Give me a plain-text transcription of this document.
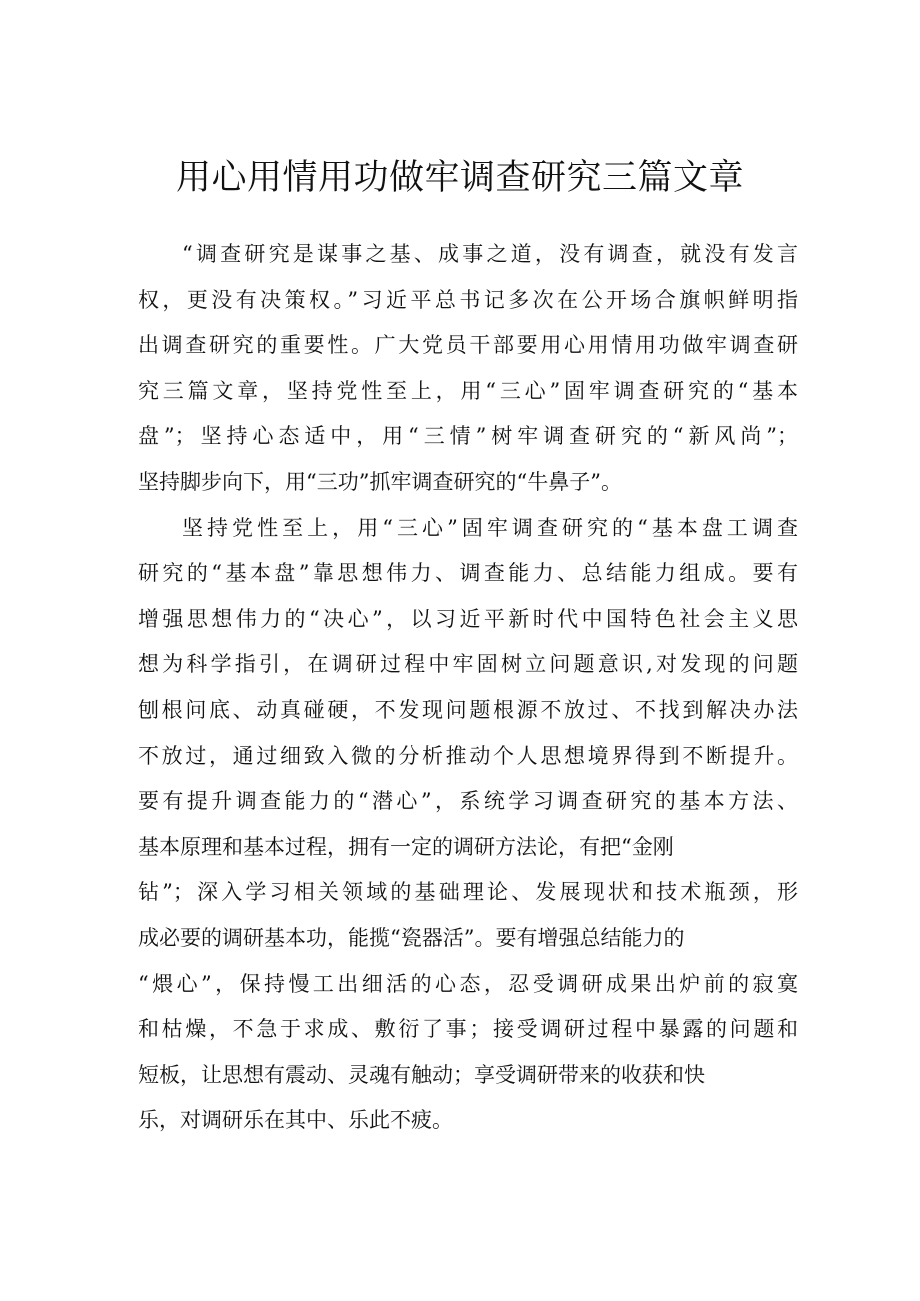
用心用情用功做牢调查研究三篇文章
“调查研究是谋事之基、成事之道，没有调查，就没有发言
权，更没有决策权。”习近平总书记多次在公开场合旗帜鲜明指
出调查研究的重要性。广大党员干部要用心用情用功做牢调查研
究三篇文章，坚持党性至上，用“三心”固牢调查研究的“基本
盘”；坚持心态适中，用“三情”树牢调查研究的“新风尚”；
坚持脚步向下，用“三功”抓牢调查研究的“牛鼻子”。
坚持党性至上，用“三心”固牢调查研究的“基本盘工调查
研究的“基本盘”靠思想伟力、调查能力、总结能力组成。要有
增强思想伟力的“决心”，以习近平新时代中国特色社会主义思
想为科学指引，在调研过程中牢固树立问题意识,对发现的问题
刨根问底、动真碰硬，不发现问题根源不放过、不找到解决办法
不放过，通过细致入微的分析推动个人思想境界得到不断提升。
要有提升调查能力的“潜心”，系统学习调查研究的基本方法、
基本原理和基本过程，拥有一定的调研方法论，有把“金刚
钻”；深入学习相关领域的基础理论、发展现状和技术瓶颈，形
成必要的调研基本功，能揽“瓷器活”。要有增强总结能力的
“煨心”，保持慢工出细活的心态，忍受调研成果出炉前的寂寞
和枯燥，不急于求成、敷衍了事；接受调研过程中暴露的问题和
短板，让思想有震动、灵魂有触动；享受调研带来的收获和快
乐，对调研乐在其中、乐此不疲。
